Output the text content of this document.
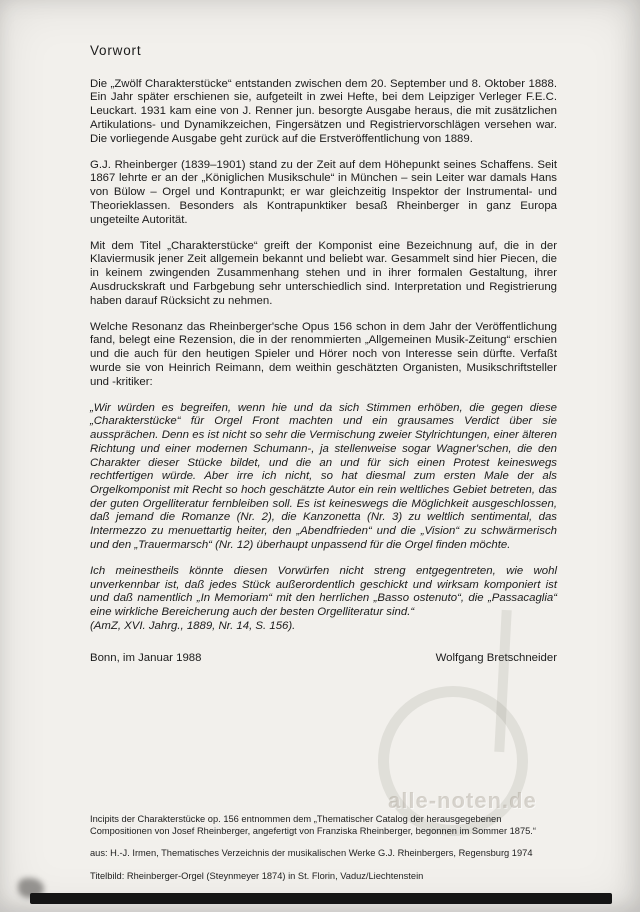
Vorwort

Die „Zwölf Charakterstücke“ entstanden zwischen dem 20. September und 8. Oktober 1888. Ein Jahr später erschienen sie, aufgeteilt in zwei Hefte, bei dem Leipziger Verleger F.E.C. Leuckart. 1931 kam eine von J. Renner jun. besorgte Ausgabe heraus, die mit zusätzlichen Artikulations- und Dynamikzeichen, Fingersätzen und Registriervorschlägen versehen war. Die vorliegende Ausgabe geht zurück auf die Erstveröffentlichung von 1889.

G.J. Rheinberger (1839–1901) stand zu der Zeit auf dem Höhepunkt seines Schaffens. Seit 1867 lehrte er an der „Königlichen Musikschule“ in München – sein Leiter war damals Hans von Bülow – Orgel und Kontrapunkt; er war gleichzeitig Inspektor der Instrumental- und Theorieklassen. Besonders als Kontrapunktiker besaß Rheinberger in ganz Europa ungeteilte Autorität.

Mit dem Titel „Charakterstücke“ greift der Komponist eine Bezeichnung auf, die in der Klaviermusik jener Zeit allgemein bekannt und beliebt war. Gesammelt sind hier Piecen, die in keinem zwingenden Zusammenhang stehen und in ihrer formalen Gestaltung, ihrer Ausdruckskraft und Farbgebung sehr unterschiedlich sind. Interpretation und Registrierung haben darauf Rücksicht zu nehmen.

Welche Resonanz das Rheinberger'sche Opus 156 schon in dem Jahr der Veröffentlichung fand, belegt eine Rezension, die in der renommierten „Allgemeinen Musik-Zeitung“ erschien und die auch für den heutigen Spieler und Hörer noch von Interesse sein dürfte. Verfaßt wurde sie von Heinrich Reimann, dem weithin geschätzten Organisten, Musikschriftsteller und -kritiker:

„Wir würden es begreifen, wenn hie und da sich Stimmen erhöben, die gegen diese „Charakterstücke“ für Orgel Front machten und ein grausames Verdict über sie aussprächen. Denn es ist nicht so sehr die Vermischung zweier Stylrichtungen, einer älteren Richtung und einer modernen Schumann-, ja stellenweise sogar Wagner'schen, die den Charakter dieser Stücke bildet, und die an und für sich einen Protest keineswegs rechtfertigen würde. Aber irre ich nicht, so hat diesmal zum ersten Male der als Orgelkomponist mit Recht so hoch geschätzte Autor ein rein weltliches Gebiet betreten, das der guten Orgelliteratur fernbleiben soll. Es ist keineswegs die Möglichkeit ausgeschlossen, daß jemand die Romanze (Nr. 2), die Kanzonetta (Nr. 3) zu weltlich sentimental, das Intermezzo zu menuettartig heiter, den „Abendfrieden“ und die „Vision“ zu schwärmerisch und den „Trauermarsch“ (Nr. 12) überhaupt unpassend für die Orgel finden möchte.

Ich meinestheils könnte diesen Vorwürfen nicht streng entgegentreten, wie wohl unverkennbar ist, daß jedes Stück außerordentlich geschickt und wirksam komponiert ist und daß namentlich „In Memoriam“ mit den herrlichen „Basso ostenuto“, die „Passacaglia“ eine wirkliche Bereicherung auch der besten Orgelliteratur sind.“

(AmZ, XVI. Jahrg., 1889, Nr. 14, S. 156).

Bonn, im Januar 1988	Wolfgang Bretschneider
alle-noten.de

Incipits der Charakterstücke op. 156 entnommen dem „Thematischer Catalog der herausgegebenen Compositionen von Josef Rheinberger, angefertigt von Franziska Rheinberger, begonnen im Sommer 1875.“

aus: H.-J. Irmen, Thematisches Verzeichnis der musikalischen Werke G.J. Rheinbergers, Regensburg 1974

Titelbild: Rheinberger-Orgel (Steynmeyer 1874) in St. Florin, Vaduz/Liechtenstein
